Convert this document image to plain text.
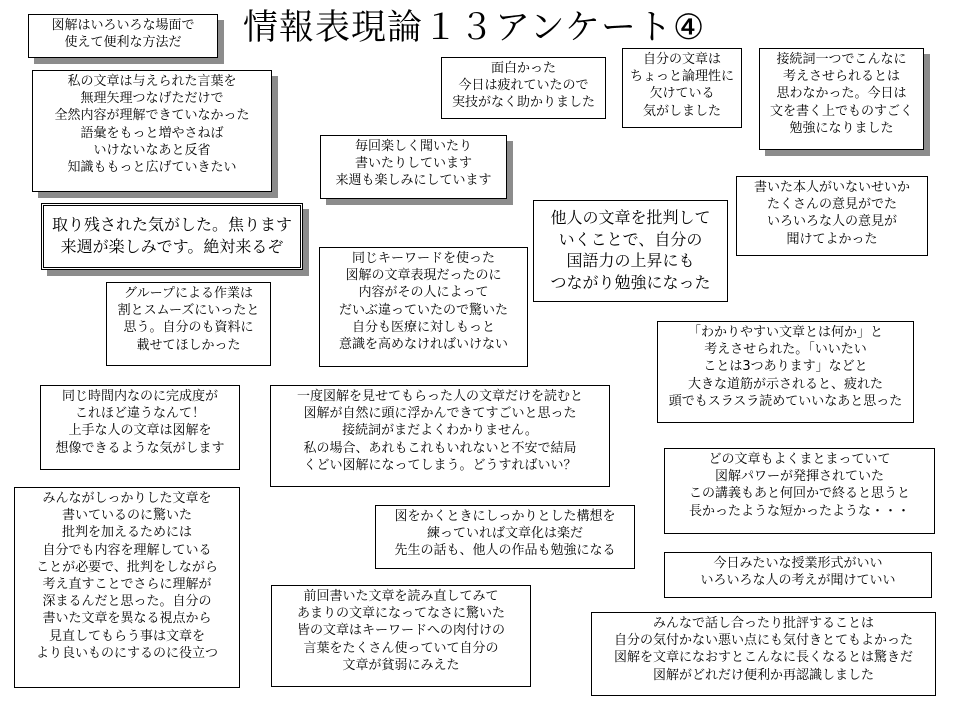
情報表現論１３アンケート④
図解はいろいろな場面で
使えて便利な方法だ
私の文章は与えられた言葉を
無理矢理つなげただけで
全然内容が理解できていなかった
語彙をもっと増やさねば
いけないなあと反省
知識ももっと広げていきたい
面白かった
今日は疲れていたので
実技がなく助かりました
自分の文章は
ちょっと論理性に
欠けている
気がしました
接続詞一つでこんなに
考えさせられるとは
思わなかった。今日は
文を書く上でものすごく
勉強になりました
毎回楽しく聞いたり
書いたりしています
来週も楽しみにしています	書いた本人がいないせいか
たくさんの意見がでた
いろいろな人の意見が
聞けてよかった
取り残された気がした。焦ります
来週が楽しみです。絶対来るぞ
他人の文章を批判して
いくことで、自分の
国語力の上昇にも
つながり勉強になった
同じキーワードを使った
図解の文章表現だったのに
内容がその人によって
だいぶ違っていたので驚いた
自分も医療に対しもっと
意識を高めなければいけない
グループによる作業は
割とスムーズにいったと
思う。自分のも資料に
載せてほしかった
「わかりやすい文章とは何か」と
考えさせられた。「いいたい
ことは3つあります」などと
大きな道筋が示されると、疲れた
頭でもスラスラ読めていいなあと思った
同じ時間内なのに完成度が
これほど違うなんて！
上手な人の文章は図解を
想像できるような気がします
一度図解を見せてもらった人の文章だけを読むと
図解が自然に頭に浮かんできてすごいと思った
接続詞がまだよくわかりません。
私の場合、あれもこれもいれないと不安で結局
くどい図解になってしまう。どうすればいい？	どの文章もよくまとまっていて
図解パワーが発揮されていた
この講義もあと何回かで終ると思うと
長かったような短かったような・・・
みんながしっかりした文章を
書いているのに驚いた
批判を加えるためには
自分でも内容を理解している
ことが必要で、批判をしながら
考え直すことでさらに理解が
深まるんだと思った。自分の
書いた文章を異なる視点から
見直してもらう事は文章を
より良いものにするのに役立つ
図をかくときにしっかりとした構想を
練っていれば文章化は楽だ
先生の話も、他人の作品も勉強になる
今日みたいな授業形式がいい
いろいろな人の考えが聞けていい
前回書いた文章を読み直してみて
あまりの文章になってなさに驚いた
皆の文章はキーワードへの肉付けの
言葉をたくさん使っていて自分の
文章が貧弱にみえた
みんなで話し合ったり批評することは
自分の気付かない悪い点にも気付きとてもよかった
図解を文章になおすとこんなに長くなるとは驚きだ
図解がどれだけ便利か再認識しました
